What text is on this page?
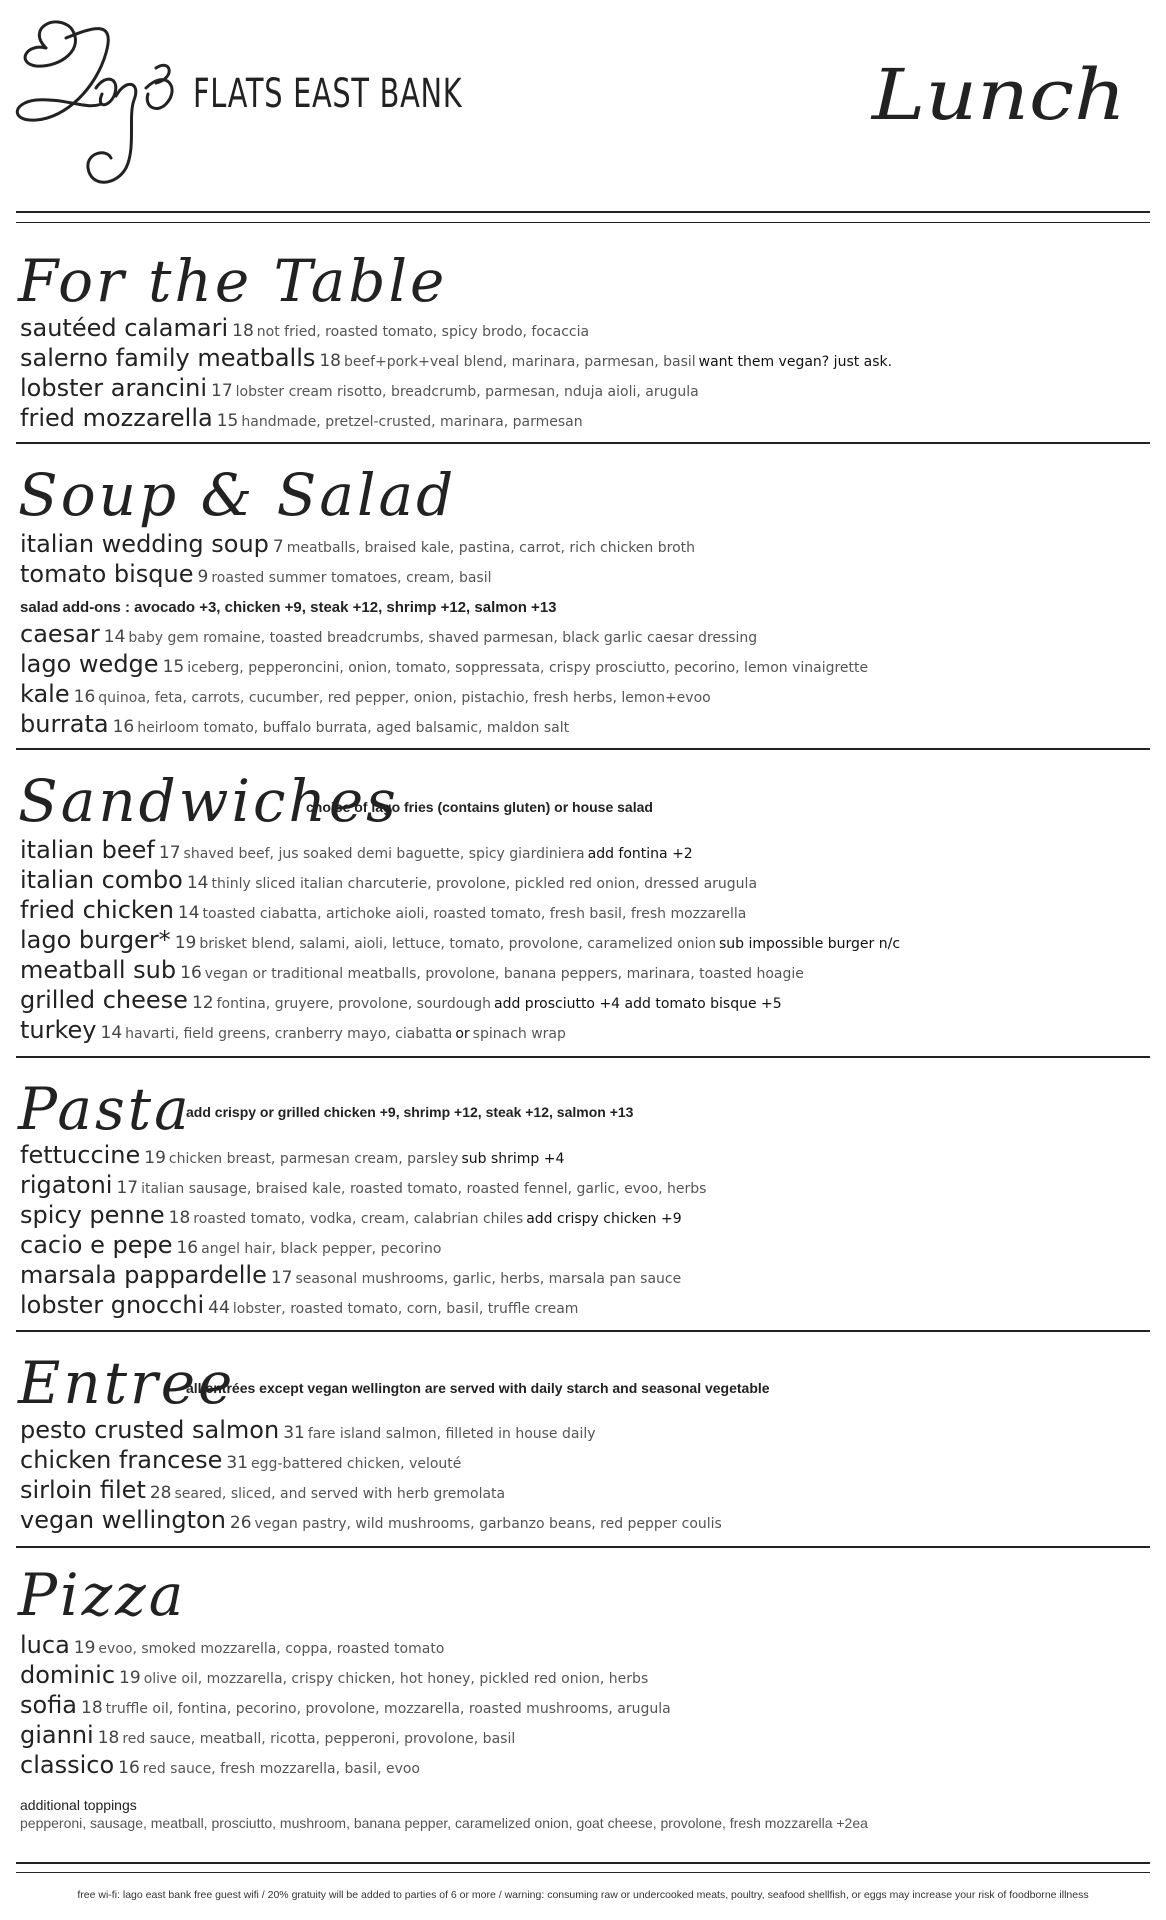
FLATS EAST BANK	Lunch
For the Table
sautéed calamari 18 not fried, roasted tomato, spicy brodo, focaccia
salerno family meatballs 18 beef+pork+veal blend, marinara, parmesan, basil want them vegan? just ask.
lobster arancini 17 lobster cream risotto, breadcrumb, parmesan, nduja aioli, arugula
fried mozzarella 15 handmade, pretzel-crusted, marinara, parmesan
Soup & Salad
italian wedding soup 7 meatballs, braised kale, pastina, carrot, rich chicken broth
tomato bisque 9 roasted summer tomatoes, cream, basil
salad add-ons : avocado +3, chicken +9, steak +12, shrimp +12, salmon +13
caesar 14 baby gem romaine, toasted breadcrumbs, shaved parmesan, black garlic caesar dressing
lago wedge 15 iceberg, pepperoncini, onion, tomato, soppressata, crispy prosciutto, pecorino, lemon vinaigrette
kale 16 quinoa, feta, carrots, cucumber, red pepper, onion, pistachio, fresh herbs, lemon+evoo
burrata 16 heirloom tomato, buffalo burrata, aged balsamic, maldon salt
Sandwiches
choice of lago fries (contains gluten) or house salad
italian beef 17 shaved beef, jus soaked demi baguette, spicy giardiniera add fontina +2
italian combo 14 thinly sliced italian charcuterie, provolone, pickled red onion, dressed arugula
fried chicken 14 toasted ciabatta, artichoke aioli, roasted tomato, fresh basil, fresh mozzarella
lago burger* 19 brisket blend, salami, aioli, lettuce, tomato, provolone, caramelized onion sub impossible burger n/c
meatball sub 16 vegan or traditional meatballs, provolone, banana peppers, marinara, toasted hoagie
grilled cheese 12 fontina, gruyere, provolone, sourdough add prosciutto +4 add tomato bisque +5
turkey 14 havarti, field greens, cranberry mayo, ciabatta or spinach wrap
Pasta
add crispy or grilled chicken +9, shrimp +12, steak +12, salmon +13
fettuccine 19 chicken breast, parmesan cream, parsley sub shrimp +4
rigatoni 17 italian sausage, braised kale, roasted tomato, roasted fennel, garlic, evoo, herbs
spicy penne 18 roasted tomato, vodka, cream, calabrian chiles add crispy chicken +9
cacio e pepe 16 angel hair, black pepper, pecorino
marsala pappardelle 17 seasonal mushrooms, garlic, herbs, marsala pan sauce
lobster gnocchi 44 lobster, roasted tomato, corn, basil, truffle cream
Entree
all entrées except vegan wellington are served with daily starch and seasonal vegetable
pesto crusted salmon 31 fare island salmon, filleted in house daily
chicken francese 31 egg-battered chicken, velouté
sirloin filet 28 seared, sliced, and served with herb gremolata
vegan wellington 26 vegan pastry, wild mushrooms, garbanzo beans, red pepper coulis
Pizza
luca 19 evoo, smoked mozzarella, coppa, roasted tomato
dominic 19 olive oil, mozzarella, crispy chicken, hot honey, pickled red onion, herbs
sofia 18 truffle oil, fontina, pecorino, provolone, mozzarella, roasted mushrooms, arugula
gianni 18 red sauce, meatball, ricotta, pepperoni, provolone, basil
classico 16 red sauce, fresh mozzarella, basil, evoo
additional toppings
pepperoni, sausage, meatball, prosciutto, mushroom, banana pepper, caramelized onion, goat cheese, provolone, fresh mozzarella +2ea
free wi-fi: lago east bank free guest wifi / 20% gratuity will be added to parties of 6 or more / warning: consuming raw or undercooked meats, poultry, seafood shellfish, or eggs may increase your risk of foodborne illness
